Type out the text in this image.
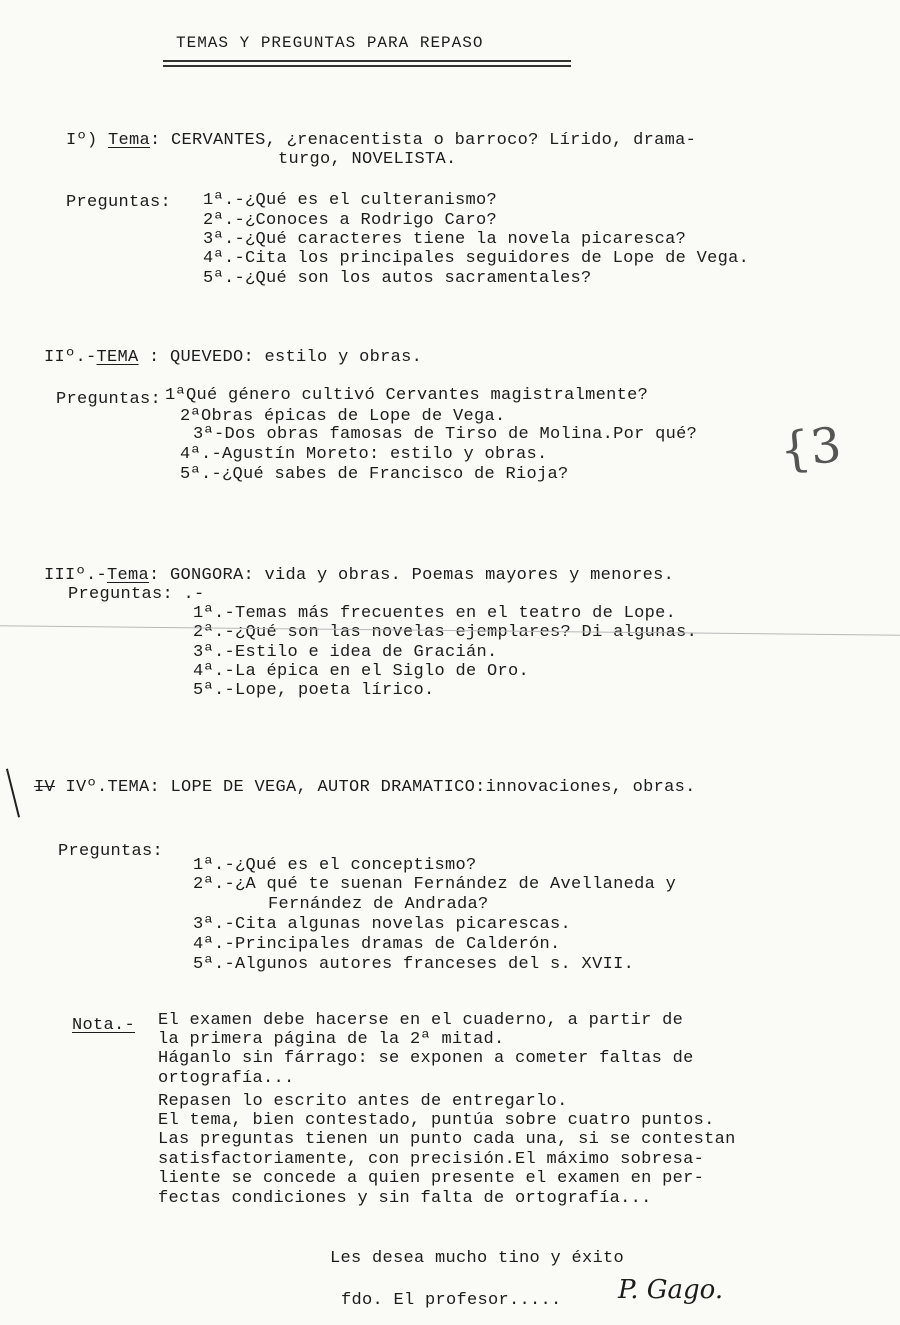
TEMAS Y PREGUNTAS PARA REPASO
Iº) Tema: CERVANTES, ¿renacentista o barroco? Lírido, drama-
turgo, NOVELISTA.
Preguntas: 1ª.-¿Qué es el culteranismo?
2ª.-¿Conoces a Rodrigo Caro?
3ª.-¿Qué caracteres tiene la novela picaresca?
4ª.-Cita los principales seguidores de Lope de Vega.
5ª.-¿Qué son los autos sacramentales?
IIº.-TEMA : QUEVEDO: estilo y obras.
Preguntas: 1ªQué género cultivó Cervantes magistralmente?
2ªObras épicas de Lope de Vega.
3ª-Dos obras famosas de Tirso de Molina.Por qué?
4ª.-Agustín Moreto: estilo y obras.
5ª.-¿Qué sabes de Francisco de Rioja?	{3
IIIº.-Tema: GONGORA: vida y obras. Poemas mayores y menores.
Preguntas: .-
1ª.-Temas más frecuentes en el teatro de Lope.
2ª.-¿Qué son las novelas ejemplares? Di algunas.
3ª.-Estilo e idea de Gracián.
4ª.-La épica en el Siglo de Oro.
5ª.-Lope, poeta lírico.
IV IVº.TEMA: LOPE DE VEGA, AUTOR DRAMATICO:innovaciones, obras.
Preguntas:
1ª.-¿Qué es el conceptismo?
2ª.-¿A qué te suenan Fernández de Avellaneda y
Fernández de Andrada?
3ª.-Cita algunas novelas picarescas.
4ª.-Principales dramas de Calderón.
5ª.-Algunos autores franceses del s. XVII.
Nota.- El examen debe hacerse en el cuaderno, a partir de
la primera página de la 2ª mitad.
Háganlo sin fárrago: se exponen a cometer faltas de
ortografía...
Repasen lo escrito antes de entregarlo.
El tema, bien contestado, puntúa sobre cuatro puntos.
Las preguntas tienen un punto cada una, si se contestan
satisfactoriamente, con precisión.El máximo sobresa-
liente se concede a quien presente el examen en per-
fectas condiciones y sin falta de ortografía...
Les desea mucho tino y éxito
fdo. El profesor..... P. Gago.
